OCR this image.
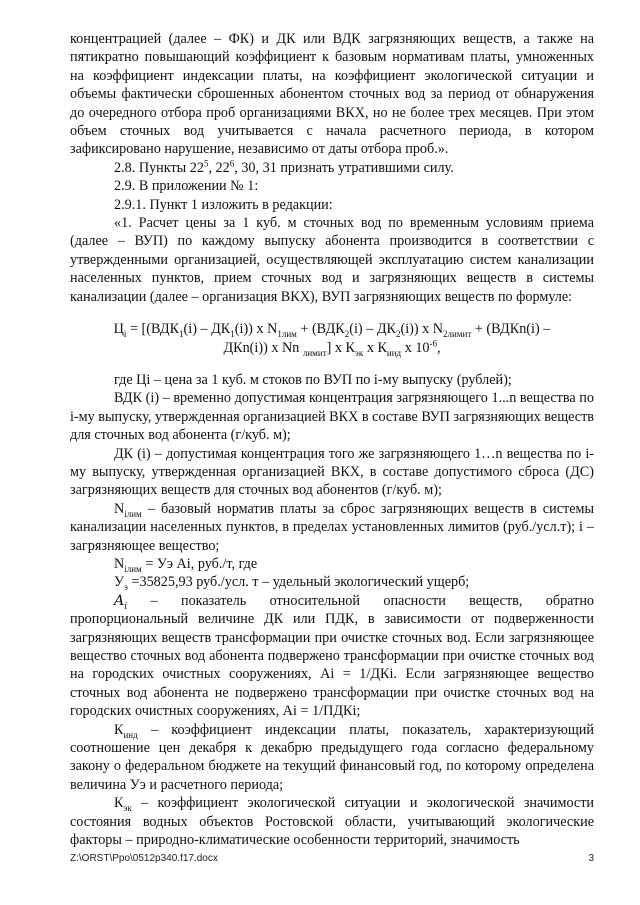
концентрацией (далее – ФК) и ДК или ВДК загрязняющих веществ, а также на пятикратно повышающий коэффициент к базовым нормативам платы, умноженных на коэффициент индексации платы, на коэффициент экологической ситуации и объемы фактически сброшенных абонентом сточных вод за период от обнаружения до очередного отбора проб организациями ВКХ, но не более трех месяцев. При этом объем сточных вод учитывается с начала расчетного периода, в котором зафиксировано нарушение, независимо от даты отбора проб.».

2.8. Пункты $22^5$, $22^6$, 30, 31 признать утратившими силу.

2.9. В приложении № 1:

2.9.1. Пункт 1 изложить в редакции:

«1. Расчет цены за 1 куб. м сточных вод по временным условиям приема (далее – ВУП) по каждому выпуску абонента производится в соответствии с утвержденными организацией, осуществляющей эксплуатацию систем канализации населенных пунктов, прием сточных вод и загрязняющих веществ в системы канализации (далее – организация ВКХ), ВУП загрязняющих веществ по формуле:

$Ц_i = [(ВДК_1(i) - ДК_1(i))$ x $N_{1лим} + (ВДК_2(i) - ДК_2(i))$ x $N_{2лимит}$ + (ВДКn(i) –
ДКn(i)) x Nn $_{лимит}$] x $К_{эк}$ x $К_{инд}$ x $10^{-6}$,

где Цi – цена за 1 куб. м стоков по ВУП по i-му выпуску (рублей);

ВДК (i) – временно допустимая концентрация загрязняющего 1...n вещества по i-му выпуску, утвержденная организацией ВКХ в составе ВУП загрязняющих веществ для сточных вод абонента (г/куб. м);

ДК (i) – допустимая концентрация того же загрязняющего 1…n вещества по i-му выпуску, утвержденная организацией ВКХ, в составе допустимого сброса (ДС) загрязняющих веществ для сточных вод абонентов (г/куб. м);

$N_{iлим}$ – базовый норматив платы за сброс загрязняющих веществ в системы канализации населенных пунктов, в пределах установленных лимитов (руб./усл.т); i – загрязняющее вещество;

$N_{iлим}$ = Уэ Ai, руб./т, где

$У_э =35825,93$ руб./усл. т – удельный экологический ущерб;

$A_i$ – показатель относительной опасности веществ, обратно пропорциональный величине ДК или ПДК, в зависимости от подверженности загрязняющих веществ трансформации при очистке сточных вод. Если загрязняющее вещество сточных вод абонента подвержено трансформации при очистке сточных вод на городских очистных сооружениях, Ai = 1/ДКi. Если загрязняющее вещество сточных вод абонента не подвержено трансформации при очистке сточных вод на городских очистных сооружениях, Ai = 1/ПДКi;

$К_{инд}$ – коэффициент индексации платы, показатель, характеризующий соотношение цен декабря к декабрю предыдущего года согласно федеральному закону о федеральном бюджете на текущий финансовый год, по которому определена величина Уэ и расчетного периода;

$К_{эк}$ – коэффициент экологической ситуации и экологической значимости состояния водных объектов Ростовской области, учитывающий экологические факторы – природно-климатические особенности территорий, значимость

Z:\ORST\Ppo\0512p340.f17.docx	3
